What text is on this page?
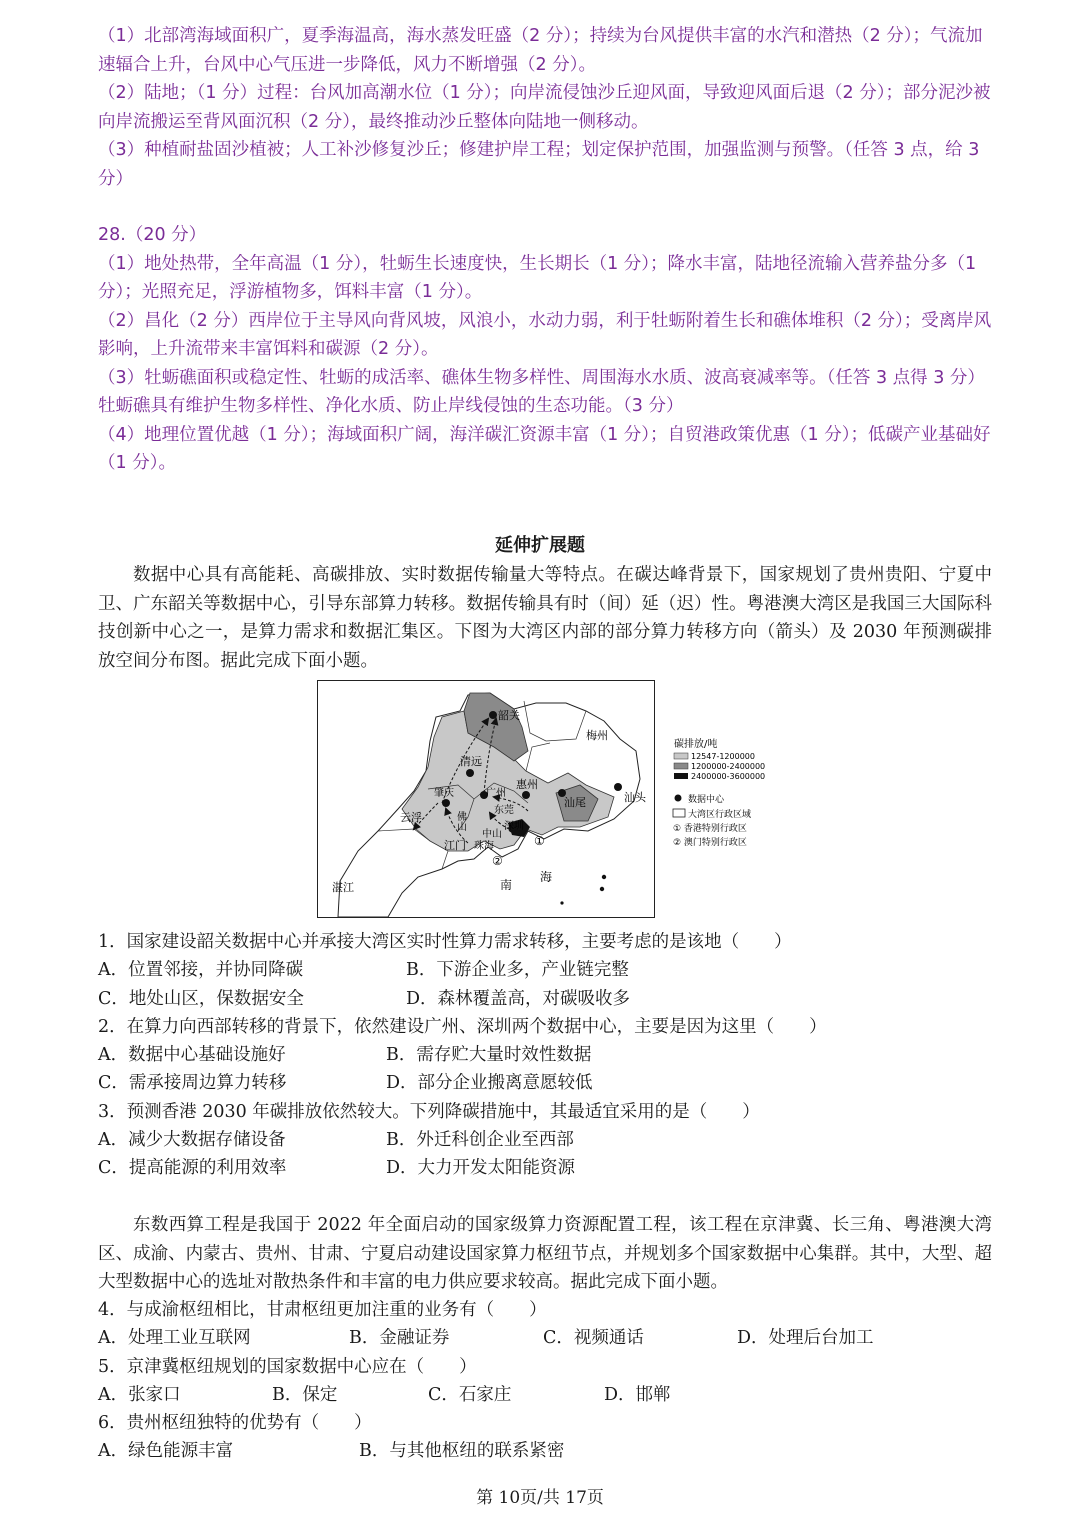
（1）北部湾海域面积广，夏季海温高，海水蒸发旺盛（2 分）；持续为台风提供丰富的水汽和潜热（2 分）；气流加速辐合上升，台风中心气压进一步降低，风力不断增强（2 分）。

（2）陆地；（1 分）过程：台风加高潮水位（1 分）；向岸流侵蚀沙丘迎风面，导致迎风面后退（2 分）；部分泥沙被向岸流搬运至背风面沉积（2 分），最终推动沙丘整体向陆地一侧移动。

（3）种植耐盐固沙植被；人工补沙修复沙丘；修建护岸工程；划定保护范围，加强监测与预警。（任答 3 点，给 3 分）

28.（20 分）

（1）地处热带，全年高温（1 分），牡蛎生长速度快，生长期长（1 分）；降水丰富，陆地径流输入营养盐分多（1 分）；光照充足，浮游植物多，饵料丰富（1 分）。

（2）昌化（2 分）西岸位于主导风向背风坡，风浪小，水动力弱，利于牡蛎附着生长和礁体堆积（2 分）；受离岸风影响，上升流带来丰富饵料和碳源（2 分）。

（3）牡蛎礁面积或稳定性、牡蛎的成活率、礁体生物多样性、周围海水水质、波高衰减率等。（任答 3 点得 3 分）

牡蛎礁具有维护生物多样性、净化水质、防止岸线侵蚀的生态功能。（3 分）

（4）地理位置优越（1 分）；海域面积广阔，海洋碳汇资源丰富（1 分）；自贸港政策优惠（1 分）；低碳产业基础好（1 分）。

延伸扩展题
数据中心具有高能耗、高碳排放、实时数据传输量大等特点。在碳达峰背景下，国家规划了贵州贵阳、宁夏中卫、广东韶关等数据中心，引导东部算力转移。数据传输具有时（间）延（迟）性。粤港澳大湾区是我国三大国际科技创新中心之一，是算力需求和数据汇集区。下图为大湾区内部的部分算力转移方向（箭头）及 2030 年预测碳排放空间分布图。据此完成下面小题。
韶关
梅州
清远
肇庆
佛山
广州
惠州
东莞
深圳
汕尾	汕头
云浮
中山
江门 珠海
湛江	南
海
①
②
碳排放/吨
12547-1200000
1200000-2400000
2400000-3600000
数据中心
大湾区行政区域
① 香港特别行政区
② 澳门特别行政区

1．国家建设韶关数据中心并承接大湾区实时性算力需求转移，主要考虑的是该地（　　）

A．位置邻接，并协同降碳	B．下游企业多，产业链完整
C．地处山区，保数据安全	D．森林覆盖高，对碳吸收多

2．在算力向西部转移的背景下，依然建设广州、深圳两个数据中心，主要是因为这里（　　）

A．数据中心基础设施好	B．需存贮大量时效性数据
C．需承接周边算力转移	D．部分企业搬离意愿较低

3．预测香港 2030 年碳排放依然较大。下列降碳措施中，其最适宜采用的是（　　）

A．减少大数据存储设备	B．外迁科创企业至西部
C．提高能源的利用效率	D．大力开发太阳能资源
东数西算工程是我国于 2022 年全面启动的国家级算力资源配置工程，该工程在京津冀、长三角、粤港澳大湾区、成渝、内蒙古、贵州、甘肃、宁夏启动建设国家算力枢纽节点，并规划多个国家数据中心集群。其中，大型、超大型数据中心的选址对散热条件和丰富的电力供应要求较高。据此完成下面小题。

4．与成渝枢纽相比，甘肃枢纽更加注重的业务有（　　）

A．处理工业互联网	B．金融证券	C．视频通话	D．处理后台加工

5．京津冀枢纽规划的国家数据中心应在（　　）

A．张家口	B．保定	C．石家庄	D．邯郸

6．贵州枢纽独特的优势有（　　）

A．绿色能源丰富	B．与其他枢纽的联系紧密
第 10页/共 17页
